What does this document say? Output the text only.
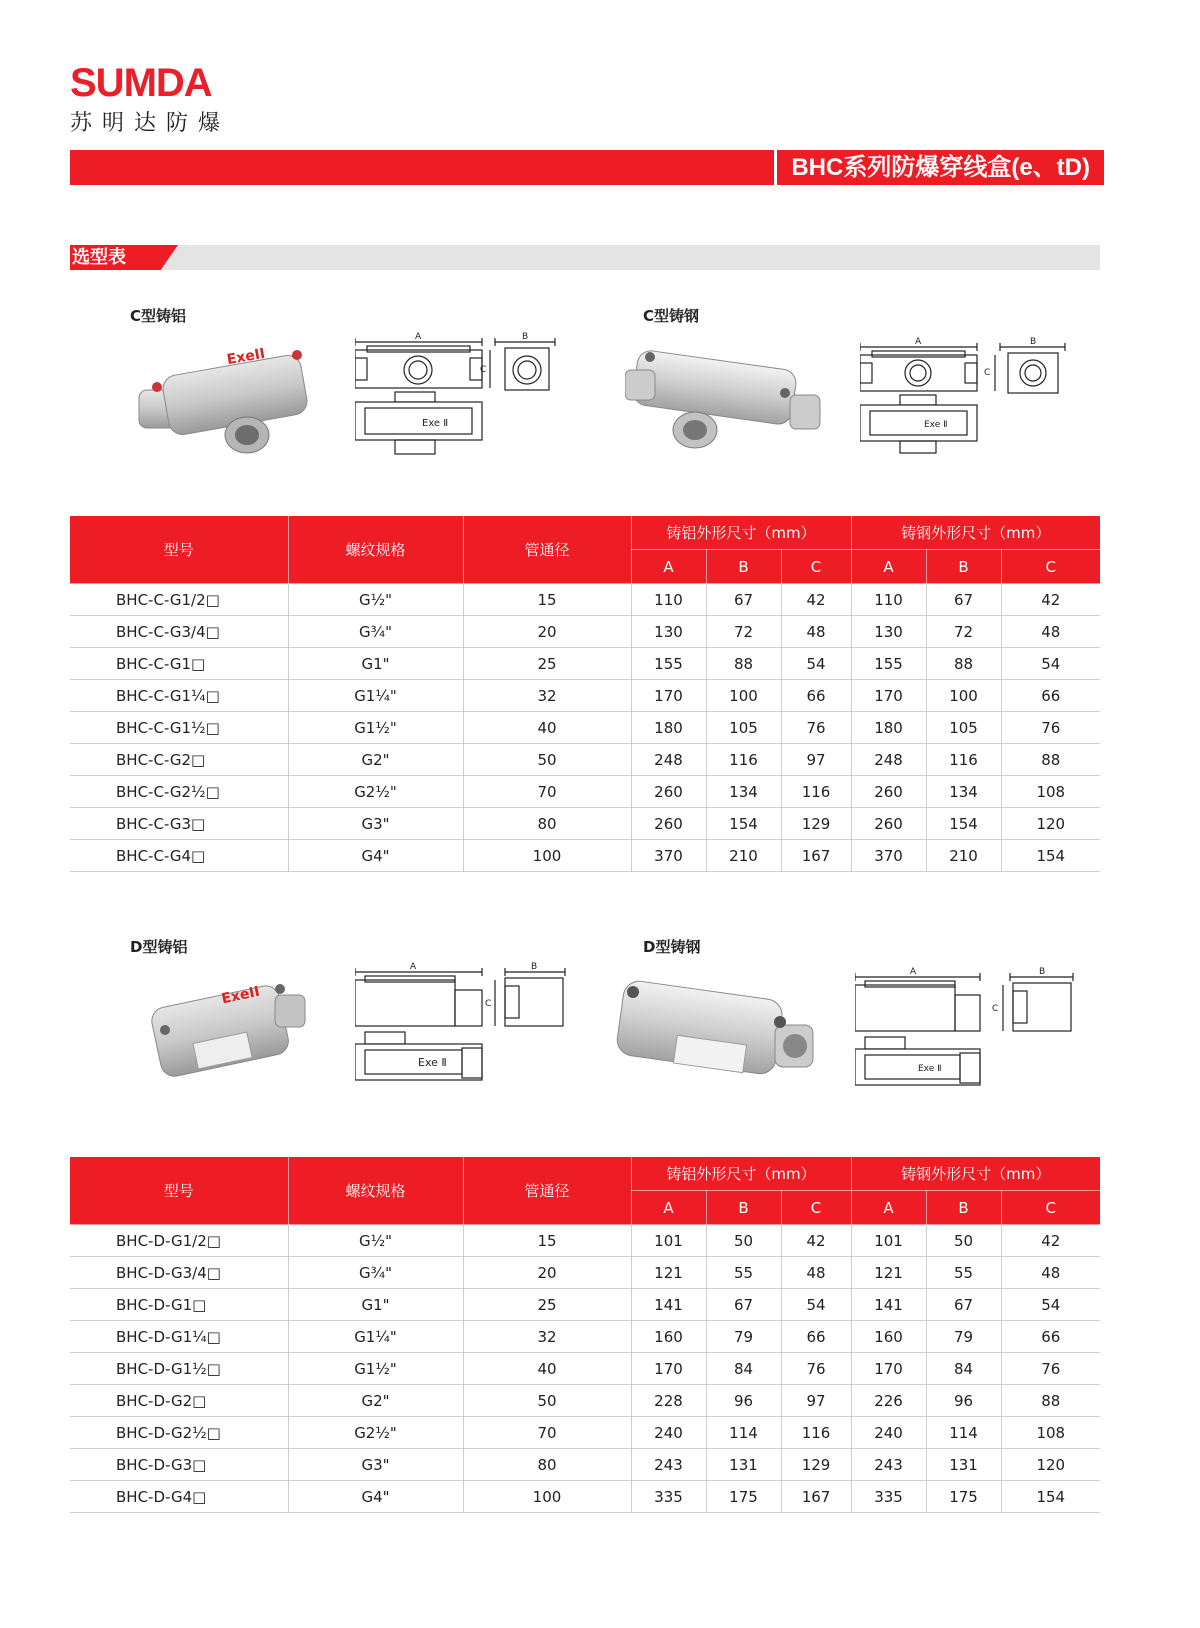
SUMDA
苏明达防爆
BHC系列防爆穿线盒(e、tD)
选型表
C型铸铝	C型铸钢
ExeII
A	B
C
Exe Ⅱ
A	B
C
Exe Ⅱ
型号	螺纹规格	管通径	铸铝外形尺寸（mm）			铸钢外形尺寸（mm）		
			A	B	C	A	B	C
BHC-C-G1/2□	G½"	15	110	67	42	110	67	42
BHC-C-G3/4□	G¾"	20	130	72	48	130	72	48
BHC-C-G1□	G1"	25	155	88	54	155	88	54
BHC-C-G1¼□	G1¼"	32	170	100	66	170	100	66
BHC-C-G1½□	G1½"	40	180	105	76	180	105	76
BHC-C-G2□	G2"	50	248	116	97	248	116	88
BHC-C-G2½□	G2½"	70	260	134	116	260	134	108
BHC-C-G3□	G3"	80	260	154	129	260	154	120
BHC-C-G4□	G4"	100	370	210	167	370	210	154
D型铸铝	D型铸钢
ExeII
A	B
C
Exe Ⅱ
A	B
C
Exe Ⅱ
型号	螺纹规格	管通径	铸铝外形尺寸（mm）			铸钢外形尺寸（mm）		
			A	B	C	A	B	C
BHC-D-G1/2□	G½"	15	101	50	42	101	50	42
BHC-D-G3/4□	G¾"	20	121	55	48	121	55	48
BHC-D-G1□	G1"	25	141	67	54	141	67	54
BHC-D-G1¼□	G1¼"	32	160	79	66	160	79	66
BHC-D-G1½□	G1½"	40	170	84	76	170	84	76
BHC-D-G2□	G2"	50	228	96	97	226	96	88
BHC-D-G2½□	G2½"	70	240	114	116	240	114	108
BHC-D-G3□	G3"	80	243	131	129	243	131	120
BHC-D-G4□	G4"	100	335	175	167	335	175	154
